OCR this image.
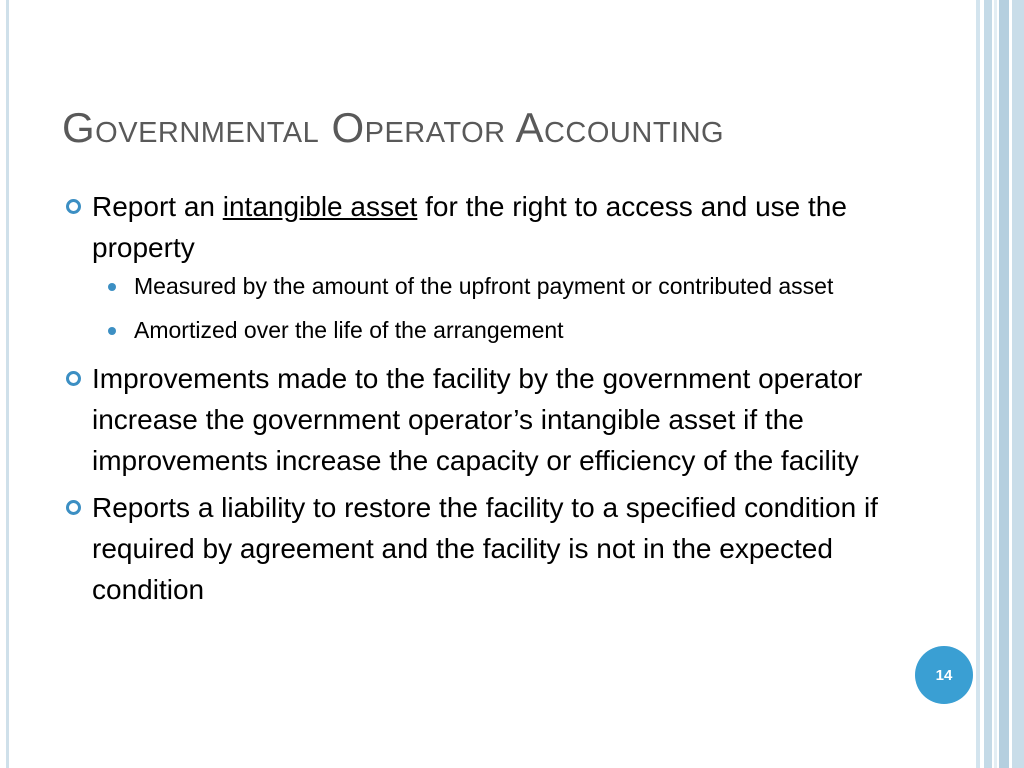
Governmental Operator Accounting
Report an intangible asset for the right to access and use the property
Measured by the amount of the upfront payment or contributed asset
Amortized over the life of the arrangement
Improvements made to the facility by the government operator increase the government operator’s intangible asset if the improvements increase the capacity or efficiency of the facility
Reports a liability to restore the facility to a specified condition if required by agreement and the facility is not in the expected condition
14
